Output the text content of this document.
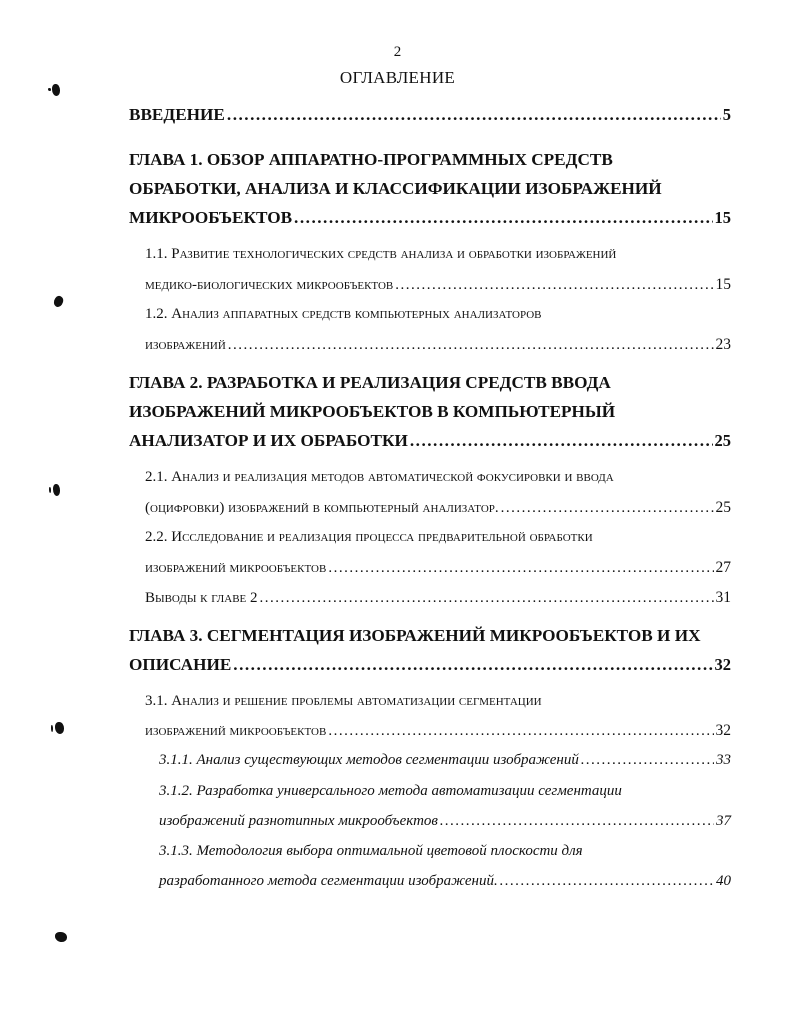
2
ОГЛАВЛЕНИЕ
ВВЕДЕНИЕ .....	5
ГЛАВА 1. ОБЗОР АППАРАТНО-ПРОГРАММНЫХ СРЕДСТВ
ОБРАБОТКИ, АНАЛИЗА И КЛАССИФИКАЦИИ ИЗОБРАЖЕНИЙ
МИКРООБЪЕКТОВ .....	15
1.1. Развитие технологических средств анализа и обработки изображений
медико-биологических микрообъектов .....	15
1.2. Анализ аппаратных средств компьютерных анализаторов
изображений .....	23
ГЛАВА 2. РАЗРАБОТКА И РЕАЛИЗАЦИЯ СРЕДСТВ ВВОДА
ИЗОБРАЖЕНИЙ МИКРООБЪЕКТОВ В КОМПЬЮТЕРНЫЙ
АНАЛИЗАТОР И ИХ ОБРАБОТКИ .....	25
2.1. Анализ и реализация методов автоматической фокусировки и ввода
(оцифровки) изображений в компьютерный анализатор. .....	25
2.2. Исследование и реализация процесса предварительной обработки
изображений микрообъектов .....	27
Выводы к главе 2 .....	31
ГЛАВА 3. СЕГМЕНТАЦИЯ ИЗОБРАЖЕНИЙ МИКРООБЪЕКТОВ И ИХ
ОПИСАНИЕ .....	32
3.1. Анализ и решение проблемы автоматизации сегментации
изображений микрообъектов .....	32
3.1.1. Анализ существующих методов сегментации изображений .....	33
3.1.2. Разработка универсального метода автоматизации сегментации
изображений разнотипных микрообъектов .....	37
3.1.3. Методология выбора оптимальной цветовой плоскости для
разработанного метода сегментации изображений. .....	40
